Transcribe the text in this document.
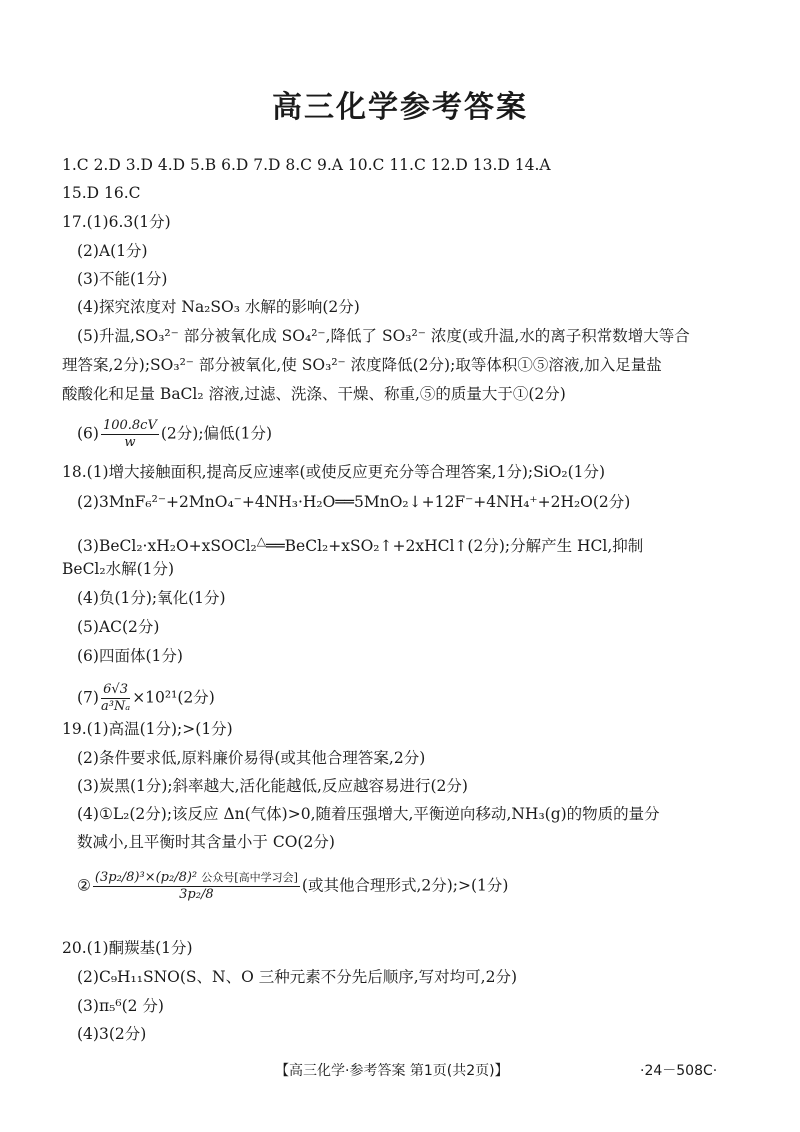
高三化学参考答案
1.C 2.D 3.D 4.D 5.B 6.D 7.D 8.C 9.A 10.C 11.C 12.D 13.D 14.A
15.D 16.C
17.(1)6.3(1分)
(2)A(1分)
(3)不能(1分)
(4)探究浓度对 Na₂SO₃ 水解的影响(2分)
(5)升温,SO₃²⁻ 部分被氧化成 SO₄²⁻,降低了 SO₃²⁻ 浓度(或升温,水的离子积常数增大等合
理答案,2分);SO₃²⁻ 部分被氧化,使 SO₃²⁻ 浓度降低(2分);取等体积①⑤溶液,加入足量盐
酸酸化和足量 BaCl₂ 溶液,过滤、洗涤、干燥、称重,⑤的质量大于①(2分)
$(6) \frac{100.8cV}{w} (2$分);偏低(1分)
18.(1)增大接触面积,提高反应速率(或使反应更充分等合理答案,1分);SiO₂(1分)
(2)3MnF₆²⁻+2MnO₄⁻+4NH₃·H₂O══5MnO₂↓+12F⁻+4NH₄⁺+2H₂O(2分)
(3)BeCl₂·xH₂O+xSOCl₂△══BeCl₂+xSO₂↑+2xHCl↑(2分);分解产生 HCl,抑制
BeCl₂水解(1分)
(4)负(1分);氧化(1分)
(5)AC(2分)
(6)四面体(1分)
$(7) \frac{6√3}{\text{a³Nₐ}} \times 10^{21}(2$分)
19.(1)高温(1分);>(1分)
(2)条件要求低,原料廉价易得(或其他合理答案,2分)
(3)炭黑(1分);斜率越大,活化能越低,反应越容易进行(2分)
(4)①L₂(2分);该反应 Δn(气体)>0,随着压强增大,平衡逆向移动,NH₃(g)的物质的量分
数减小,且平衡时其含量小于 CO(2分)
② $\frac{\text{(3p₂/8)³×(p₂/8)² 公众号[高中学习会]}}{\text{3p₂/8}}$ (或其他合理形式,2分);>(1分)
20.(1)酮羰基(1分)
(2)C₉H₁₁SNO(S、N、O 三种元素不分先后顺序,写对均可,2分)
(3)π₅⁶(2 分)
(4)3(2分)
【高三化学·参考答案 第1页(共2页)】	·24－508C·
